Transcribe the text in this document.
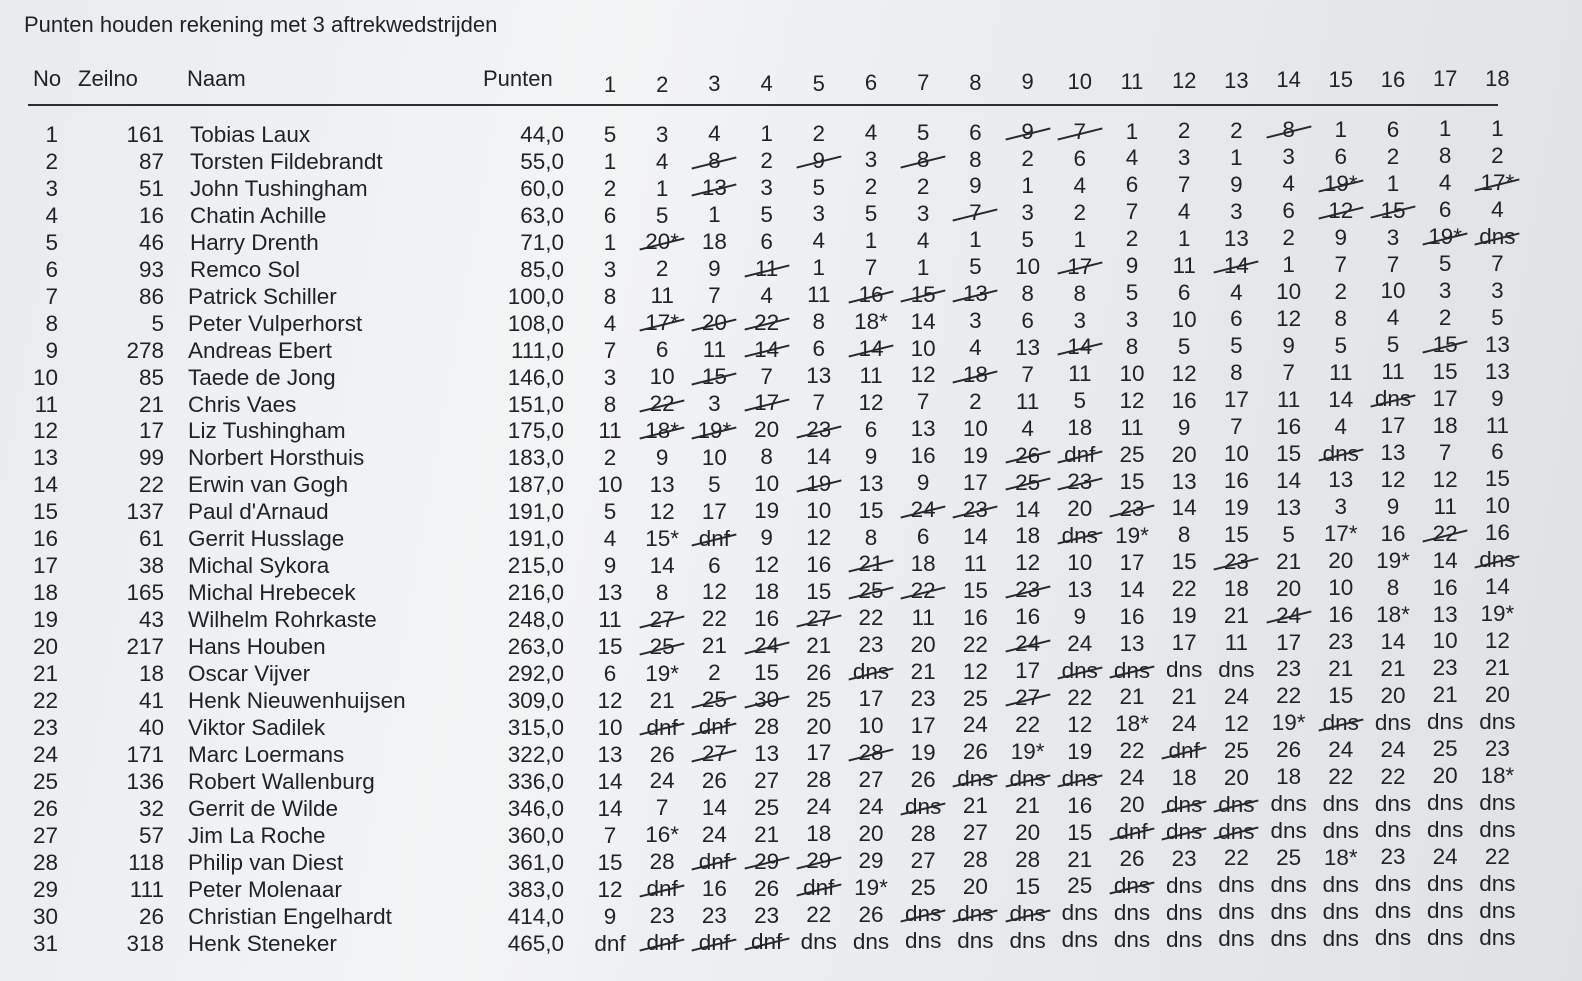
Punten houden rekening met 3 aftrekwedstrijden
No Zeilno Naam	Punten	1	2	3	4	5	6	7	8	9	10	11	12	13	14	15	16	17	18
1	161 Tobias Laux	44,0	5	3	4	1	2	4	5	6	9	7	1	2	2	8	1	6	1	1
2	87 Torsten Fildebrandt	55,0	1	4	8	2	9	3	8	8	2	6	4	3	1	3	6	2	8	2
3	51 John Tushingham	60,0	2	1	13	3	5	2	2	9	1	4	6	7	9	4	19*	1	4	17*
4	16 Chatin Achille	63,0	6	5	1	5	3	5	3	7	3	2	7	4	3	6	12	15	6	4
5	46 Harry Drenth	71,0	1	20*	18	6	4	1	4	1	5	1	2	1	13	2	9	3	19* dns
6	93 Remco Sol	85,0	3	2	9	11	1	7	1	5	10	17	9	11	14	1	7	7	5	7
7	86 Patrick Schiller	100,0	8	11	7	4	11	16	15	13	8	8	5	6	4	10	2	10	3	3
8	5 Peter Vulperhorst	108,0	4	17*	20	22	8	18*	14	3	6	3	3	10	6	12	8	4	2	5
9	278 Andreas Ebert	111,0	7	6	11	14	6	14	10	4	13	14	8	5	5	9	5	5	15	13
10	85 Taede de Jong	146,0	3	10	15	7	13	11	12	18	7	11	10	12	8	7	11	11	15	13
11	21 Chris Vaes	151,0	8	22	3	17	7	12	7	2	11	5	12	16	17	11	14 dns 17	9
12	17 Liz Tushingham	175,0	11	18* 19*	20	23	6	13	10	4	18	11	9	7	16	4	17	18	11
13	99 Norbert Horsthuis	183,0	2	9	10	8	14	9	16	19	26	dnf	25	20	10	15 dns 13	7	6
14	22 Erwin van Gogh	187,0	10	13	5	10	19	13	9	17	25	23	15	13	16	14	13	12	12	15
15	137 Paul d'Arnaud	191,0	5	12	17	19	10	15	24	23	14	20	23	14	19	13	3	9	11	10
16	61 Gerrit Husslage	191,0	4	15* dnf	9	12	8	6	14	18 dns 19*	8	15	5	17*	16	22	16
17	38 Michal Sykora	215,0	9	14	6	12	16	21	18	11	12	10	17	15	23	21	20	19*	14 dns
18	165 Michal Hrebecek	216,0	13	8	12	18	15	25	22	15	23	13	14	22	18	20	10	8	16	14
19	43 Wilhelm Rohrkaste	248,0	11	27	22	16	27	22	11	16	16	9	16	19	21	24	16	18*	13	19*
20	217 Hans Houben	263,0	15	25	21	24	21	23	20	22	24	24	13	17	11	17	23	14	10	12
21	18 Oscar Vijver	292,0	6	19*	2	15	26 dns 21	12	17 dns dns dns dns 23	21	21	23	21
22	41 Henk Nieuwenhuijsen	309,0	12	21	25	30	25	17	23	25	27	22	21	21	24	22	15	20	21	20
23	40 Viktor Sadilek	315,0	10	dnf dnf	28	20	10	17	24	22	12	18*	24	12	19* dns dns dns dns
24	171 Marc Loermans	322,0	13	26	27	13	17	28	19	26	19*	19	22	dnf	25	26	24	24	25	23
25	136 Robert Wallenburg	336,0	14	24	26	27	28	27	26 dns dns dns 24	18	20	18	22	22	20	18*
26	32 Gerrit de Wilde	346,0	14	7	14	25	24	24 dns 21	21	16	20 dns dns dns dns dns dns dns
27	57 Jim La Roche	360,0	7	16*	24	21	18	20	28	27	20	15	dnf dns dns dns dns dns dns dns
28	118 Philip van Diest	361,0	15	28	dnf	29	29	29	27	28	28	21	26	23	22	25	18*	23	24	22
29	111 Peter Molenaar	383,0	12	dnf	16	26	dnf 19*	25	20	15	25 dns dns dns dns dns dns dns dns
30	26 Christian Engelhardt	414,0	9	23	23	23	22	26 dns dns dns dns dns dns dns dns dns dns dns dns
31	318 Henk Steneker	465,0	dnf dnf dnf dnf dns dns dns dns dns dns dns dns dns dns dns dns dns dns
